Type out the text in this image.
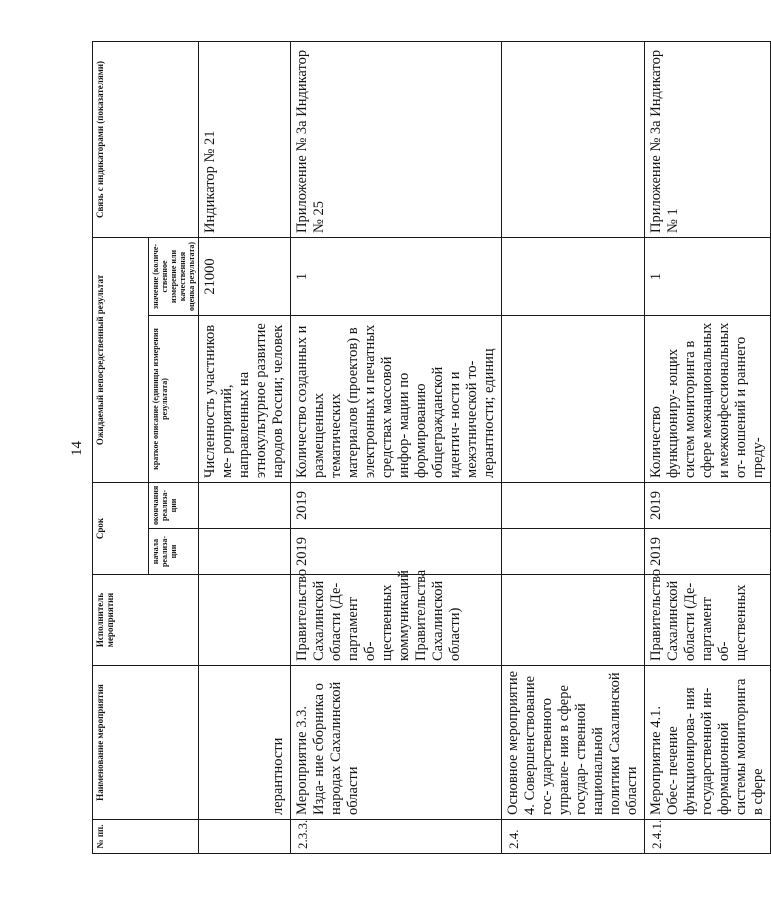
14
№ пп.	Наименование мероприятия	Исполнитель мероприятия	Срок		Ожидаемый непосредственный результат		Связь с индикаторами (показателями)
			начала реализа- ции	окончания реализа- ции	краткое описание (единицы измерения результата)	значение (количе- ственное измерение или качественная оценка результата)	
	лерантности				Численность участников ме- роприятий, направленных на этнокультурное развитие народов России; человек	21000	Индикатор № 21
2.3.3.	Мероприятие 3.3. Изда- ние сборника о народах Сахалинской области	Правительство Сахалинской области (Де- партамент об- щественных коммуникаций Правительства Сахалинской области)	2019	2019	Количество созданных и размещенных тематических материалов (проектов) в электронных и печатных средствах массовой инфор- мации по формированию общегражданской идентич- ности и межэтнической то- лерантности; единиц	1	Приложение № 3а Индикатор № 25
2.4.	Основное мероприятие 4. Совершенствование гос- ударственного управле- ния в сфере государ- ственной национальной политики Сахалинской области						
2.4.1.	Мероприятие 4.1. Обес- печение функционирова- ния государственной ин- формационной системы мониторинга в сфере	Правительство Сахалинской области (Де- партамент об- щественных	2019	2019	Количество функциониру- ющих систем мониторинга в сфере межнациональных и межконфессиональных от- ношений и раннего преду-	1	Приложение № 3а Индикатор № 1
